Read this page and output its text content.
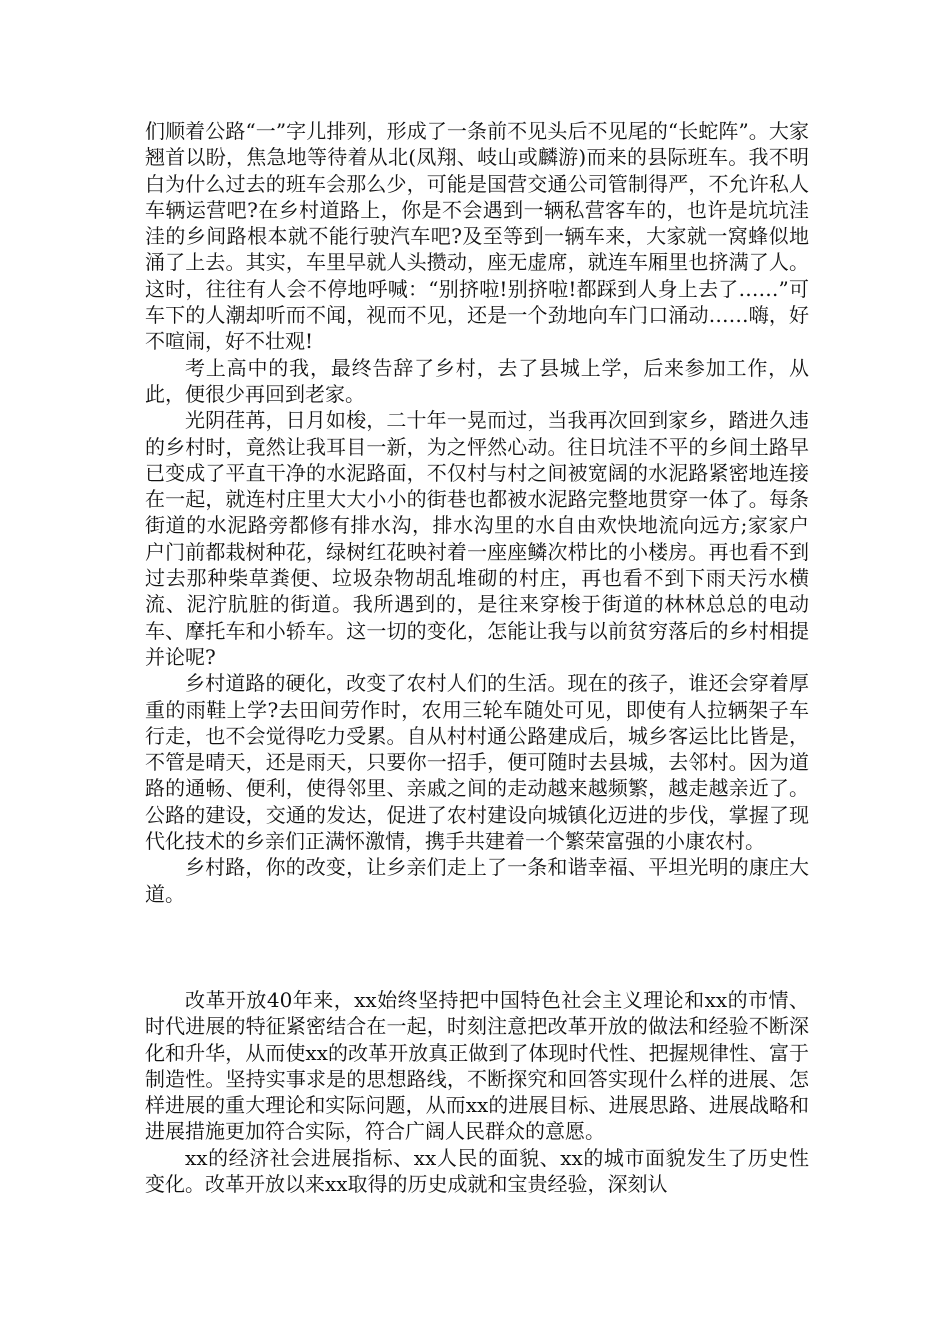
们顺着公路“一”字儿排列，形成了一条前不见头后不见尾的“长蛇阵”。大家翘首以盼，焦急地等待着从北(凤翔、岐山或麟游)而来的县际班车。我不明白为什么过去的班车会那么少，可能是国营交通公司管制得严，不允许私人车辆运营吧?在乡村道路上，你是不会遇到一辆私营客车的，也许是坑坑洼洼的乡间路根本就不能行驶汽车吧?及至等到一辆车来，大家就一窝蜂似地涌了上去。其实，车里早就人头攒动，座无虚席，就连车厢里也挤满了人。这时，往往有人会不停地呼喊：“别挤啦!别挤啦!都踩到人身上去了……”可车下的人潮却听而不闻，视而不见，还是一个劲地向车门口涌动……嗨，好不喧闹，好不壮观!

考上高中的我，最终告辞了乡村，去了县城上学，后来参加工作，从此，便很少再回到老家。

光阴荏苒，日月如梭，二十年一晃而过，当我再次回到家乡，踏进久违的乡村时，竟然让我耳目一新，为之怦然心动。往日坑洼不平的乡间土路早已变成了平直干净的水泥路面，不仅村与村之间被宽阔的水泥路紧密地连接在一起，就连村庄里大大小小的街巷也都被水泥路完整地贯穿一体了。每条街道的水泥路旁都修有排水沟，排水沟里的水自由欢快地流向远方;家家户户门前都栽树种花，绿树红花映衬着一座座鳞次栉比的小楼房。再也看不到过去那种柴草粪便、垃圾杂物胡乱堆砌的村庄，再也看不到下雨天污水横流、泥泞肮脏的街道。我所遇到的，是往来穿梭于街道的林林总总的电动车、摩托车和小轿车。这一切的变化，怎能让我与以前贫穷落后的乡村相提并论呢?

乡村道路的硬化，改变了农村人们的生活。现在的孩子，谁还会穿着厚重的雨鞋上学?去田间劳作时，农用三轮车随处可见，即使有人拉辆架子车行走，也不会觉得吃力受累。自从村村通公路建成后，城乡客运比比皆是，不管是晴天，还是雨天，只要你一招手，便可随时去县城，去邻村。因为道路的通畅、便利，使得邻里、亲戚之间的走动越来越频繁，越走越亲近了。公路的建设，交通的发达，促进了农村建设向城镇化迈进的步伐，掌握了现代化技术的乡亲们正满怀激情，携手共建着一个繁荣富强的小康农村。

乡村路，你的改变，让乡亲们走上了一条和谐幸福、平坦光明的康庄大道。

改革开放40年来，xx始终坚持把中国特色社会主义理论和xx的市情、时代进展的特征紧密结合在一起，时刻注意把改革开放的做法和经验不断深化和升华，从而使xx的改革开放真正做到了体现时代性、把握规律性、富于制造性。坚持实事求是的思想路线，不断探究和回答实现什么样的进展、怎样进展的重大理论和实际问题，从而xx的进展目标、进展思路、进展战略和进展措施更加符合实际，符合广阔人民群众的意愿。

xx的经济社会进展指标、xx人民的面貌、xx的城市面貌发生了历史性变化。改革开放以来xx取得的历史成就和宝贵经验，深刻认
